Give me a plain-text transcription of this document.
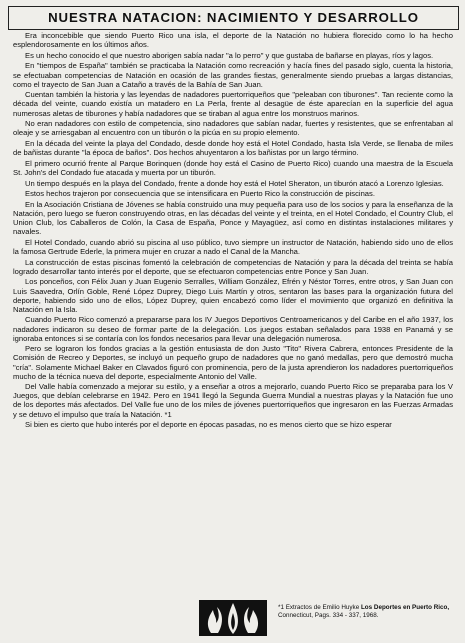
NUESTRA NATACION: NACIMIENTO Y DESARROLLO

Era inconcebible que siendo Puerto Rico una isla, el deporte de la Natación no hubiera florecido como lo ha hecho esplendorosamente en los últimos años.

Es un hecho conocido el que nuestro aborigen sabía nadar "a lo perro" y que gustaba de bañarse en playas, ríos y lagos.

En "tiempos de España" también se practicaba la Natación como recreación y hacía fines del pasado siglo, cuenta la historia, se efectuaban competencias de Natación en ocasión de las grandes fiestas, generalmente siendo pruebas a largas distancias, como el trayecto de San Juan a Cataño a través de la Bahía de San Juan.

Cuentan también la historia y las leyendas de nadadores puertorriqueños que "peleaban con tiburones". Tan reciente como la década del veinte, cuando existía un matadero en La Perla, frente al desagüe de éste aparecían en la superficie del agua numerosas aletas de tiburones y había nadadores que se tiraban al agua entre los monstruos marinos.

No eran nadadores con estilo de competencia, sino nadadores que sabían nadar, fuertes y resistentes, que se enfrentaban al oleaje y se arriesgaban al encuentro con un tiburón o la picúa en su propio elemento.

En la década del veinte la playa del Condado, desde donde hoy está el Hotel Condado, hasta Isla Verde, se llenaba de miles de bañistas durante "la época de baños". Dos hechos ahuyentaron a los bañistas por un largo término.

El primero ocurrió frente al Parque Borinquen (donde hoy está el Casino de Puerto Rico) cuando una maestra de la Escuela St. John's del Condado fue atacada y muerta por un tiburón.

Un tiempo después en la playa del Condado, frente a donde hoy está el Hotel Sheraton, un tiburón atacó a Lorenzo Iglesias.

Estos hechos trajeron por consecuencia que se intensificara en Puerto Rico la construcción de piscinas.

En la Asociación Cristiana de Jóvenes se había construido una muy pequeña para uso de los socios y para la enseñanza de la Natación, pero luego se fueron construyendo otras, en las décadas del veinte y el treinta, en el Hotel Condado, el Country Club, el Union Club, los Caballeros de Colón, la Casa de España, Ponce y Mayagüez, así como en distintas instalaciones militares y navales.

El Hotel Condado, cuando abrió su piscina al uso público, tuvo siempre un instructor de Natación, habiendo sido uno de ellos la famosa Gertrude Ederle, la primera mujer en cruzar a nado el Canal de la Mancha.

La construcción de estas piscinas fomentó la celebración de competencias de Natación y para la década del treinta se había logrado desarrollar tanto interés por el deporte, que se efectuaron competencias entre Ponce y San Juan.

Los ponceños, con Félix Juan y Juan Eugenio Serralles, William González, Efrén y Néstor Torres, entre otros, y San Juan con Luis Saavedra, Orlín Goble, René López Duprey, Diego Luis Martín y otros, sentaron las bases para la organización futura del deporte, habiendo sido uno de ellos, López Duprey, quien encabezó como líder el movimiento que organizó en definitiva la Natación en la Isla.

Cuando Puerto Rico comenzó a prepararse para los IV Juegos Deportivos Centroamericanos y del Caribe en el año 1937, los nadadores indicaron su deseo de formar parte de la delegación. Los juegos estaban señalados para 1938 en Panamá y se ignoraba entonces si se contaría con los fondos necesarios para llevar una delegación numerosa.

Pero se lograron los fondos gracias a la gestión entusiasta de don Justo "Tito" Rivera Cabrera, entonces Presidente de la Comisión de Recreo y Deportes, se incluyó un pequeño grupo de nadadores que no ganó medallas, pero que demostró mucha "cría". Solamente Michael Baker en Clavados figuró con prominencia, pero de la justa aprendieron los nadadores puertorriqueños mucho de la técnica nueva del deporte, especialmente Antonio del Valle.

Del Valle había comenzado a mejorar su estilo, y a enseñar a otros a mejorarlo, cuando Puerto Rico se preparaba para los V Juegos, que debían celebrarse en 1942. Pero en 1941 llegó la Segunda Guerra Mundial a nuestras playas y la Natación fue uno de los deportes más afectados. Del Valle fue uno de los miles de jóvenes puertorriqueños que ingresaron en las Fuerzas Armadas y se detuvo el impulso que traía la Natación. *1

Si bien es cierto que hubo interés por el deporte en épocas pasadas, no es menos cierto que se hizo esperar

*1 Extractos de Emilio Huyke Los Deportes en Puerto Rico, Connecticut, Pags. 334 - 337, 1968.
